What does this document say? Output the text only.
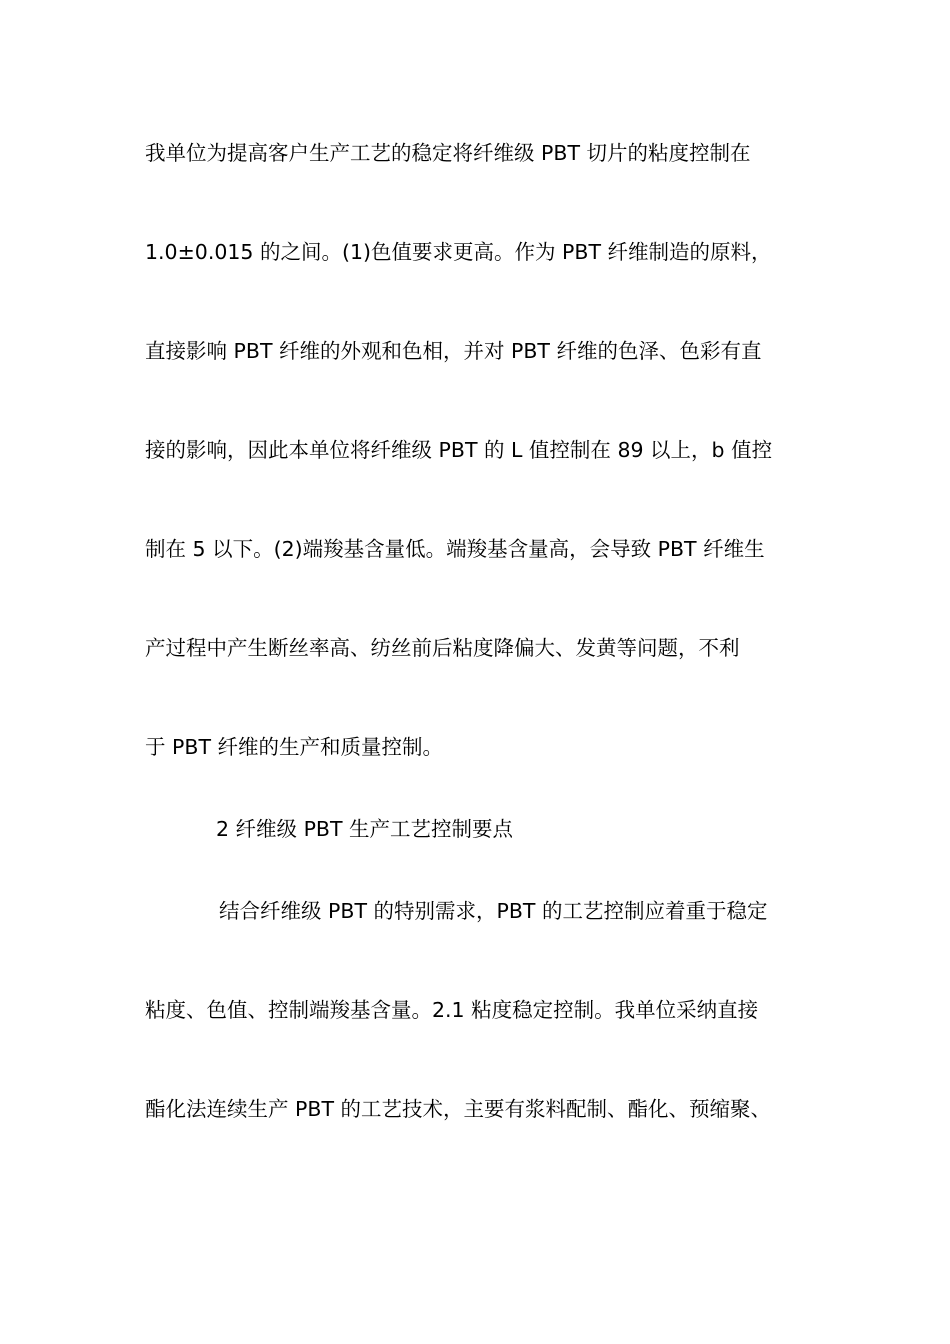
我单位为提高客户生产工艺的稳定将纤维级 PBT 切片的粘度控制在
1.0±0.015 的之间。(1)色值要求更高。作为 PBT 纤维制造的原料，
直接影响 PBT 纤维的外观和色相，并对 PBT 纤维的色泽、色彩有直
接的影响，因此本单位将纤维级 PBT 的 L 值控制在 89 以上，b 值控
制在 5 以下。(2)端羧基含量低。端羧基含量高，会导致 PBT 纤维生
产过程中产生断丝率高、纺丝前后粘度降偏大、发黄等问题，不利
于 PBT 纤维的生产和质量控制。
2 纤维级 PBT 生产工艺控制要点
结合纤维级 PBT 的特别需求，PBT 的工艺控制应着重于稳定
粘度、色值、控制端羧基含量。2.1 粘度稳定控制。我单位采纳直接
酯化法连续生产 PBT 的工艺技术，主要有浆料配制、酯化、预缩聚、
